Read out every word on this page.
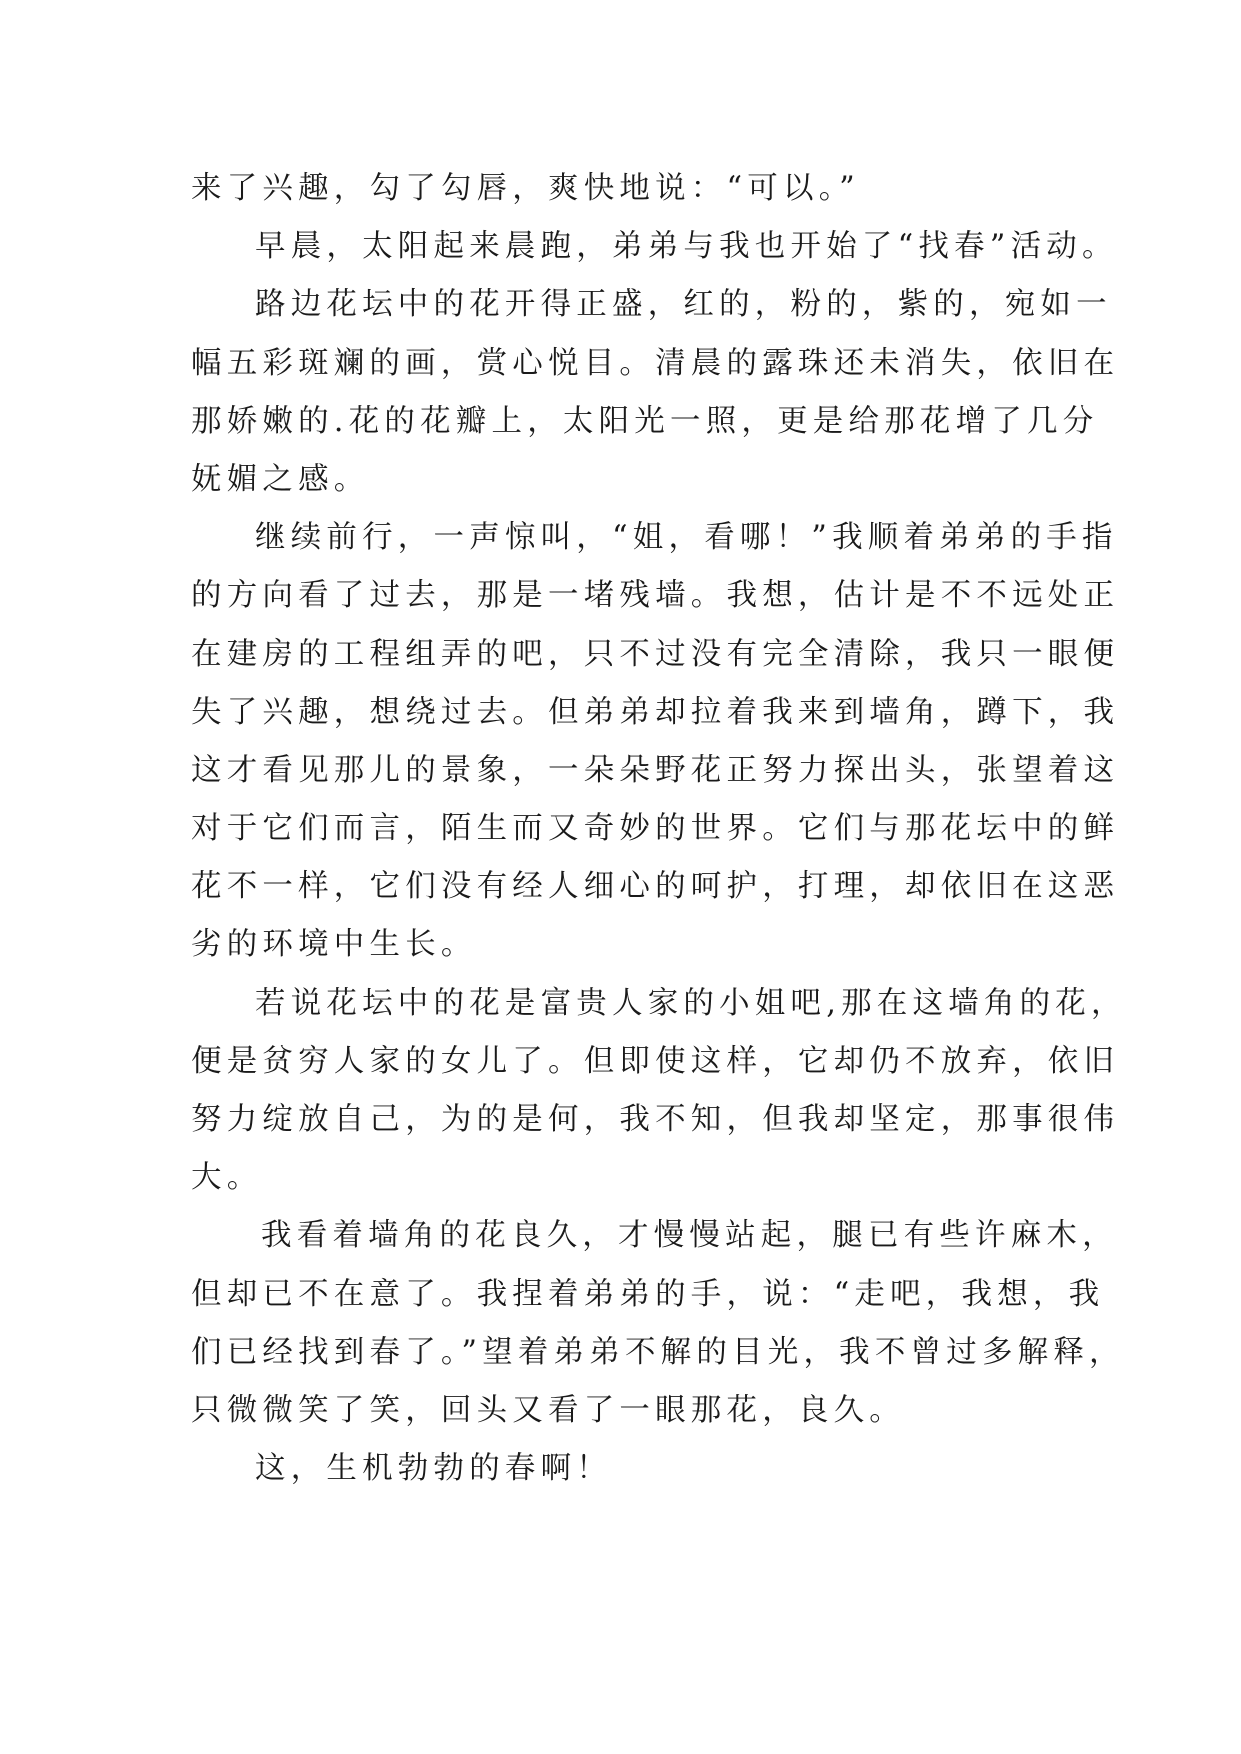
来了兴趣，勾了勾唇，爽快地说：“可以。”
早晨，太阳起来晨跑，弟弟与我也开始了“找春”活动。
路边花坛中的花开得正盛，红的，粉的，紫的，宛如一
幅五彩斑斓的画，赏心悦目。清晨的露珠还未消失，依旧在
那娇嫩的.花的花瓣上，太阳光一照，更是给那花增了几分
妩媚之感。
继续前行，一声惊叫，“姐，看哪！”我顺着弟弟的手指
的方向看了过去，那是一堵残墙。我想，估计是不不远处正
在建房的工程组弄的吧，只不过没有完全清除，我只一眼便
失了兴趣，想绕过去。但弟弟却拉着我来到墙角，蹲下，我
这才看见那儿的景象，一朵朵野花正努力探出头，张望着这
对于它们而言，陌生而又奇妙的世界。它们与那花坛中的鲜
花不一样，它们没有经人细心的呵护，打理，却依旧在这恶
劣的环境中生长。
若说花坛中的花是富贵人家的小姐吧,那在这墙角的花，
便是贫穷人家的女儿了。但即使这样，它却仍不放弃，依旧
努力绽放自己，为的是何，我不知，但我却坚定，那事很伟
大。
我看着墙角的花良久，才慢慢站起，腿已有些许麻木，
但却已不在意了。我捏着弟弟的手，说：“走吧，我想，我
们已经找到春了。”望着弟弟不解的目光，我不曾过多解释，
只微微笑了笑，回头又看了一眼那花，良久。
这，生机勃勃的春啊！
